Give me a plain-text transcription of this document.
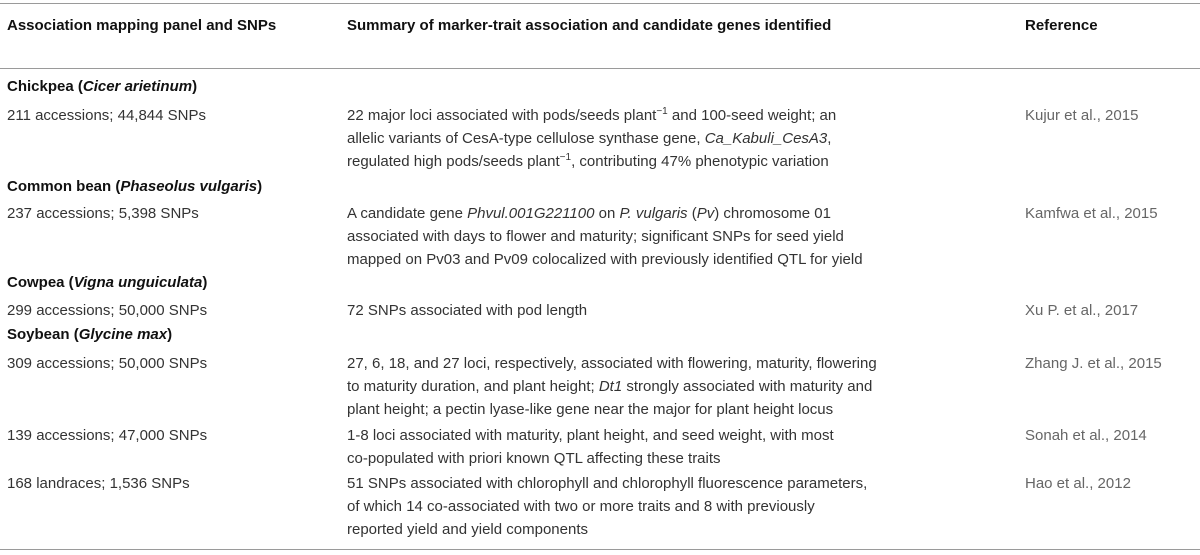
Association mapping panel and SNPs	Summary of marker-trait association and candidate genes identified	Reference
Chickpea (Cicer arietinum)
211 accessions; 44,844 SNPs	22 major loci associated with pods/seeds plant$^{-1}$ and 100-seed weight; an
allelic variants of CesA-type cellulose synthase gene, Ca_Kabuli_CesA3,
regulated high pods/seeds plant$^{-1}$, contributing 47% phenotypic variation
Kujur et al., 2015
Common bean (Phaseolus vulgaris)
237 accessions; 5,398 SNPs	A candidate gene Phvul.001G221100 on P. vulgaris (Pv) chromosome 01
associated with days to flower and maturity; significant SNPs for seed yield
mapped on Pv03 and Pv09 colocalized with previously identified QTL for yield
Kamfwa et al., 2015
Cowpea (Vigna unguiculata)
299 accessions; 50,000 SNPs	72 SNPs associated with pod length	Xu P. et al., 2017
Soybean (Glycine max)
309 accessions; 50,000 SNPs	27, 6, 18, and 27 loci, respectively, associated with flowering, maturity, flowering
to maturity duration, and plant height; Dt1 strongly associated with maturity and
plant height; a pectin lyase-like gene near the major for plant height locus
Zhang J. et al., 2015
139 accessions; 47,000 SNPs	1-8 loci associated with maturity, plant height, and seed weight, with most
co-populated with priori known QTL affecting these traits
Sonah et al., 2014
168 landraces; 1,536 SNPs	51 SNPs associated with chlorophyll and chlorophyll fluorescence parameters,
of which 14 co-associated with two or more traits and 8 with previously
reported yield and yield components
Hao et al., 2012
